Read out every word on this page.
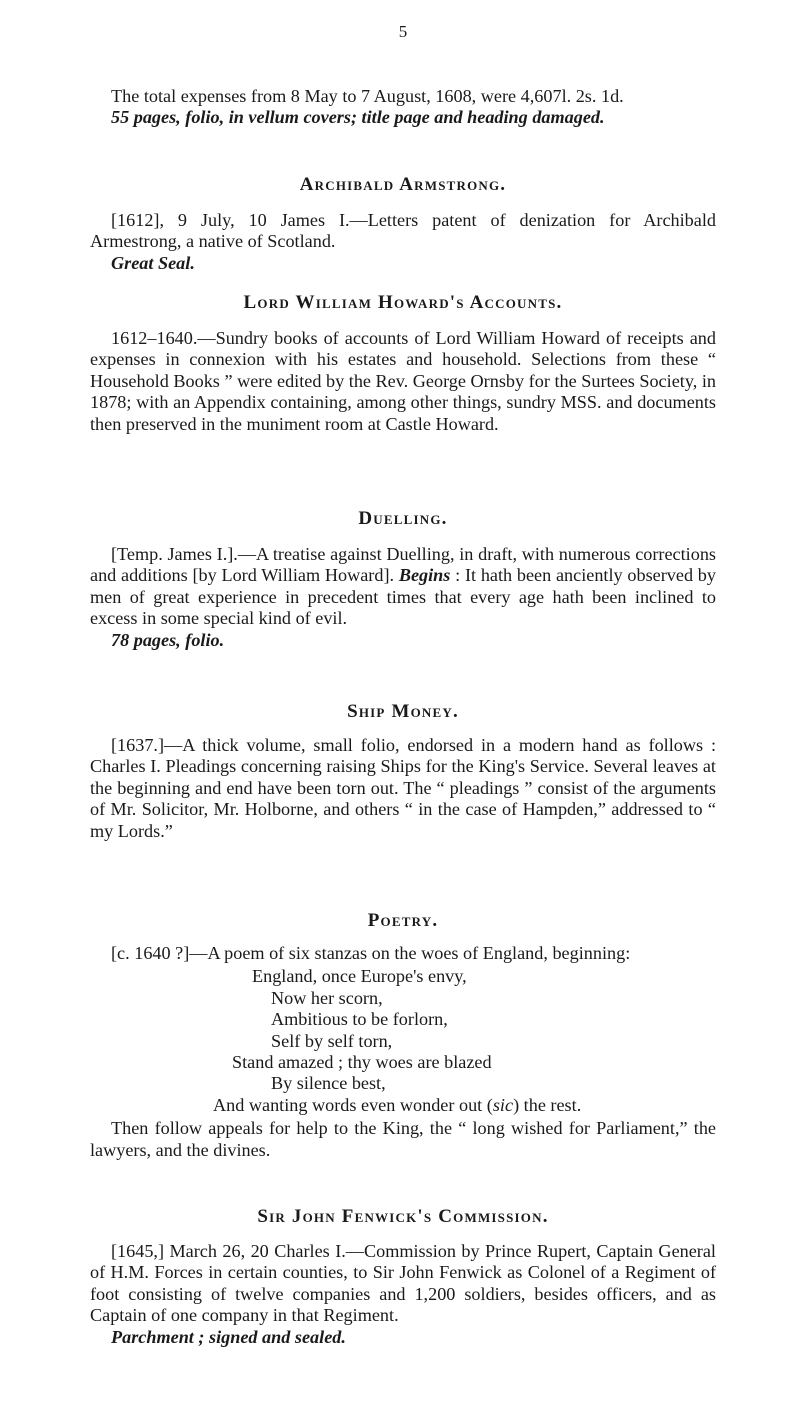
5

The total expenses from 8 May to 7 August, 1608, were 4,607l. 2s. 1d.

55 pages, folio, in vellum covers; title page and heading damaged.

Archibald Armstrong.

[1612], 9 July, 10 James I.—Letters patent of denization for Archibald Armestrong, a native of Scotland.

Great Seal.

Lord William Howard's Accounts.

1612–1640.—Sundry books of accounts of Lord William Howard of receipts and expenses in connexion with his estates and household. Selections from these “ Household Books ” were edited by the Rev. George Ornsby for the Surtees Society, in 1878; with an Appendix containing, among other things, sundry MSS. and documents then preserved in the muniment room at Castle Howard.

Duelling.

[Temp. James I.].—A treatise against Duelling, in draft, with numerous corrections and additions [by Lord William Howard]. Begins : It hath been anciently observed by men of great experience in precedent times that every age hath been inclined to excess in some special kind of evil.

78 pages, folio.

Ship Money.

[1637.]—A thick volume, small folio, endorsed in a modern hand as follows : Charles I. Pleadings concerning raising Ships for the King's Service. Several leaves at the beginning and end have been torn out. The “ pleadings ” consist of the arguments of Mr. Solicitor, Mr. Holborne, and others “ in the case of Hampden,” addressed to “ my Lords.”

Poetry.

[c. 1640 ?]—A poem of six stanzas on the woes of England, beginning:

England, once Europe's envy,
Now her scorn,
Ambitious to be forlorn,
Self by self torn,
Stand amazed ; thy woes are blazed
By silence best,
And wanting words even wonder out (sic) the rest.

Then follow appeals for help to the King, the “ long wished for Parliament,” the lawyers, and the divines.

Sir John Fenwick's Commission.

[1645,] March 26, 20 Charles I.—Commission by Prince Rupert, Captain General of H.M. Forces in certain counties, to Sir John Fenwick as Colonel of a Regiment of foot consisting of twelve companies and 1,200 soldiers, besides officers, and as Captain of one company in that Regiment.

Parchment ; signed and sealed.
